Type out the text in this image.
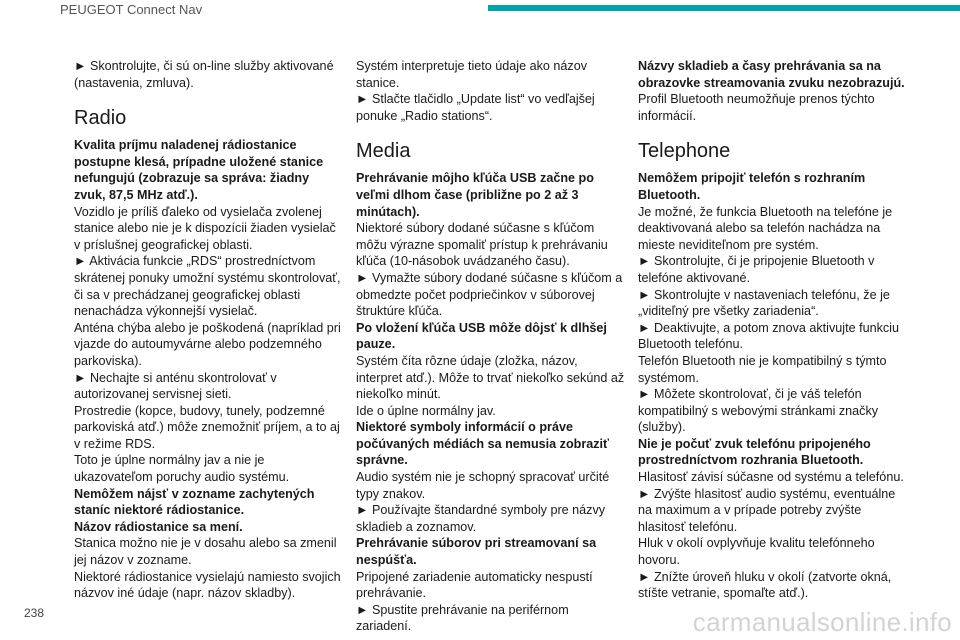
PEUGEOT Connect Nav

► Skontrolujte, či sú on-line služby aktivované (nastavenia, zmluva).

Radio

Kvalita príjmu naladenej rádiostanice postupne klesá, prípadne uložené stanice nefungujú (zobrazuje sa správa: žiadny zvuk, 87,5 MHz atď.).

Vozidlo je príliš ďaleko od vysielača zvolenej stanice alebo nie je k dispozícii žiaden vysielač v príslušnej geografickej oblasti.

► Aktivácia funkcie „RDS“ prostredníctvom skrátenej ponuky umožní systému skontrolovať, či sa v prechádzanej geografickej oblasti nenachádza výkonnejší vysielač.

Anténa chýba alebo je poškodená (napríklad pri vjazde do autoumyvárne alebo podzemného parkoviska).

► Nechajte si anténu skontrolovať v autorizovanej servisnej sieti.

Prostredie (kopce, budovy, tunely, podzemné parkoviská atď.) môže znemožniť príjem, a to aj v režime RDS.

Toto je úplne normálny jav a nie je ukazovateľom poruchy audio systému.

Nemôžem nájsť v zozname zachytených staníc niektoré rádiostanice.

Názov rádiostanice sa mení.

Stanica možno nie je v dosahu alebo sa zmenil jej názov v zozname.

Niektoré rádiostanice vysielajú namiesto svojich názvov iné údaje (napr. názov skladby).

Systém interpretuje tieto údaje ako názov stanice.

► Stlačte tlačidlo „Update list“ vo vedľajšej ponuke „Radio stations“.

Media

Prehrávanie môjho kľúča USB začne po veľmi dlhom čase (približne po 2 až 3 minútach).

Niektoré súbory dodané súčasne s kľúčom môžu výrazne spomaliť prístup k prehrávaniu kľúča (10-násobok uvádzaného času).

► Vymažte súbory dodané súčasne s kľúčom a obmedzte počet podpriečinkov v súborovej štruktúre kľúča.

Po vložení kľúča USB môže dôjsť k dlhšej pauze.

Systém číta rôzne údaje (zložka, názov, interpret atď.). Môže to trvať niekoľko sekúnd až niekoľko minút.

Ide o úplne normálny jav.

Niektoré symboly informácií o práve počúvaných médiách sa nemusia zobraziť správne.

Audio systém nie je schopný spracovať určité typy znakov.

► Používajte štandardné symboly pre názvy skladieb a zoznamov.

Prehrávanie súborov pri streamovaní sa nespúšťa.

Pripojené zariadenie automaticky nespustí prehrávanie.

► Spustite prehrávanie na periférnom zariadení.

Názvy skladieb a časy prehrávania sa na obrazovke streamovania zvuku nezobrazujú.

Profil Bluetooth neumožňuje prenos týchto informácií.

Telephone

Nemôžem pripojiť telefón s rozhraním Bluetooth.

Je možné, že funkcia Bluetooth na telefóne je deaktivovaná alebo sa telefón nachádza na mieste neviditeľnom pre systém.

► Skontrolujte, či je pripojenie Bluetooth v telefóne aktivované.

► Skontrolujte v nastaveniach telefónu, že je „viditeľný pre všetky zariadenia“.

► Deaktivujte, a potom znova aktivujte funkciu Bluetooth telefónu.

Telefón Bluetooth nie je kompatibilný s týmto systémom.

► Môžete skontrolovať, či je váš telefón kompatibilný s webovými stránkami značky (služby).

Nie je počuť zvuk telefónu pripojeného prostredníctvom rozhrania Bluetooth.

Hlasitosť závisí súčasne od systému a telefónu.

► Zvýšte hlasitosť audio systému, eventuálne na maximum a v prípade potreby zvýšte hlasitosť telefónu.

Hluk v okolí ovplyvňuje kvalitu telefónneho hovoru.

► Znížte úroveň hluku v okolí (zatvorte okná, stíšte vetranie, spomaľte atď.).

238	carmanualsonline.info
